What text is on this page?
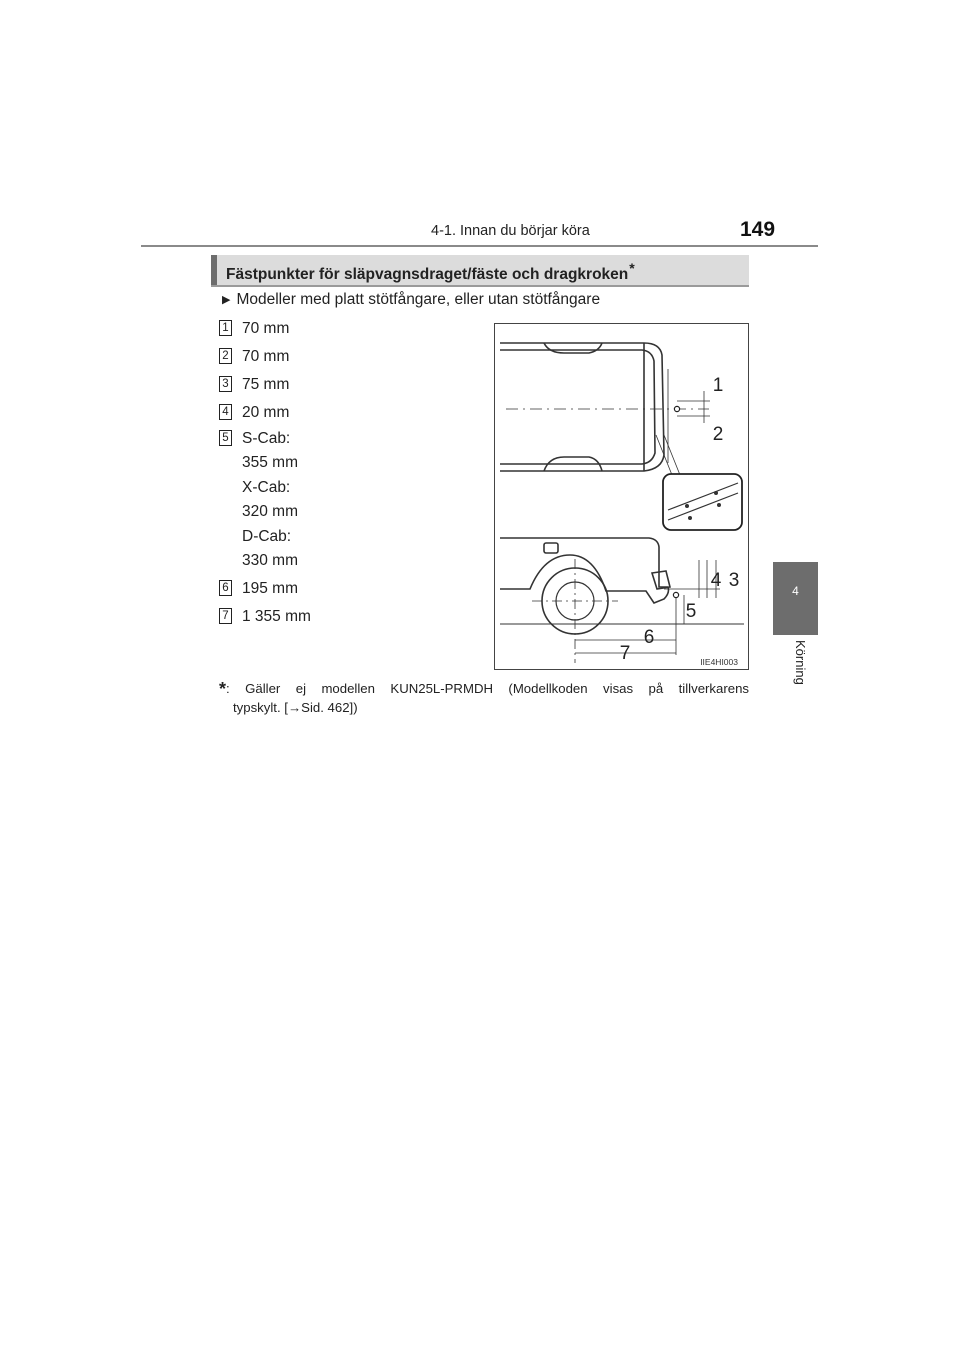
4-1. Innan du börjar köra	149
4
Körning
Fästpunkter för släpvagnsdraget/fäste och dragkroken*
▶ Modeller med platt stötfångare, eller utan stötfångare
1 70 mm
2 70 mm
3 75 mm
4 20 mm
5 S-Cab:
355 mm
X-Cab:
320 mm
D-Cab:
330 mm
6 195 mm
7 1 355 mm
1
2
3
4
5
6
7	IIE4HI003
*: Gäller ej modellen KUN25L-PRMDH (Modellkoden visas på tillverkarens
typskylt. [→Sid. 462])
